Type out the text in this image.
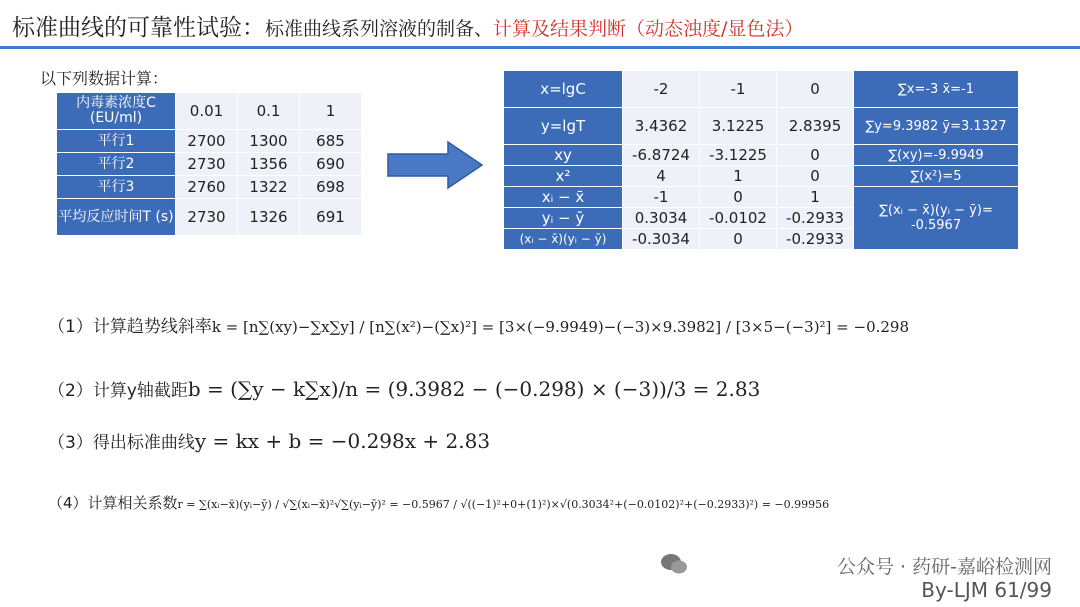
标准曲线的可靠性试验：标准曲线系列溶液的制备、计算及结果判断（动态浊度/显色法）
以下列数据计算：
内毒素浓度C (EU/ml)	0.01	0.1	1
平行1	2700	1300	685
平行2	2730	1356	690
平行3	2760	1322	698
平均反应时间T (s)	2730	1326	691
x=lgC	-2	-1	0	∑x=-3 x̄=-1
y=lgT	3.4362	3.1225	2.8395	∑y=9.3982 ȳ=3.1327
xy	-6.8724	-3.1225	0	∑(xy)=-9.9949
x²	4	1	0	∑(x²)=5
xᵢ − x̄	-1	0	1	∑(xᵢ − x̄)(yᵢ − ȳ)= -0.5967
yᵢ − ȳ	0.3034	-0.0102	-0.2933	
(xᵢ − x̄)(yᵢ − ȳ)	-0.3034	0	-0.2933	
（1）计算趋势线斜率k = [n∑(xy)−∑x∑y] / [n∑(x²)−(∑x)²] = [3×(−9.9949)−(−3)×9.3982] / [3×5−(−3)²] = −0.298
（2）计算y轴截距b = (∑y − k∑x)/n = (9.3982 − (−0.298) × (−3))/3 = 2.83
（3）得出标准曲线y = kx + b = −0.298x + 2.83
（4）计算相关系数r = ∑(xᵢ−x̄)(yᵢ−ȳ) / √∑(xᵢ−x̄)²√∑(yᵢ−ȳ)² = −0.5967 / √((−1)²+0+(1)²)×√(0.3034²+(−0.0102)²+(−0.2933)²) = −0.99956
公众号 · 药研-嘉峪检测网
By-LJM 61/99
